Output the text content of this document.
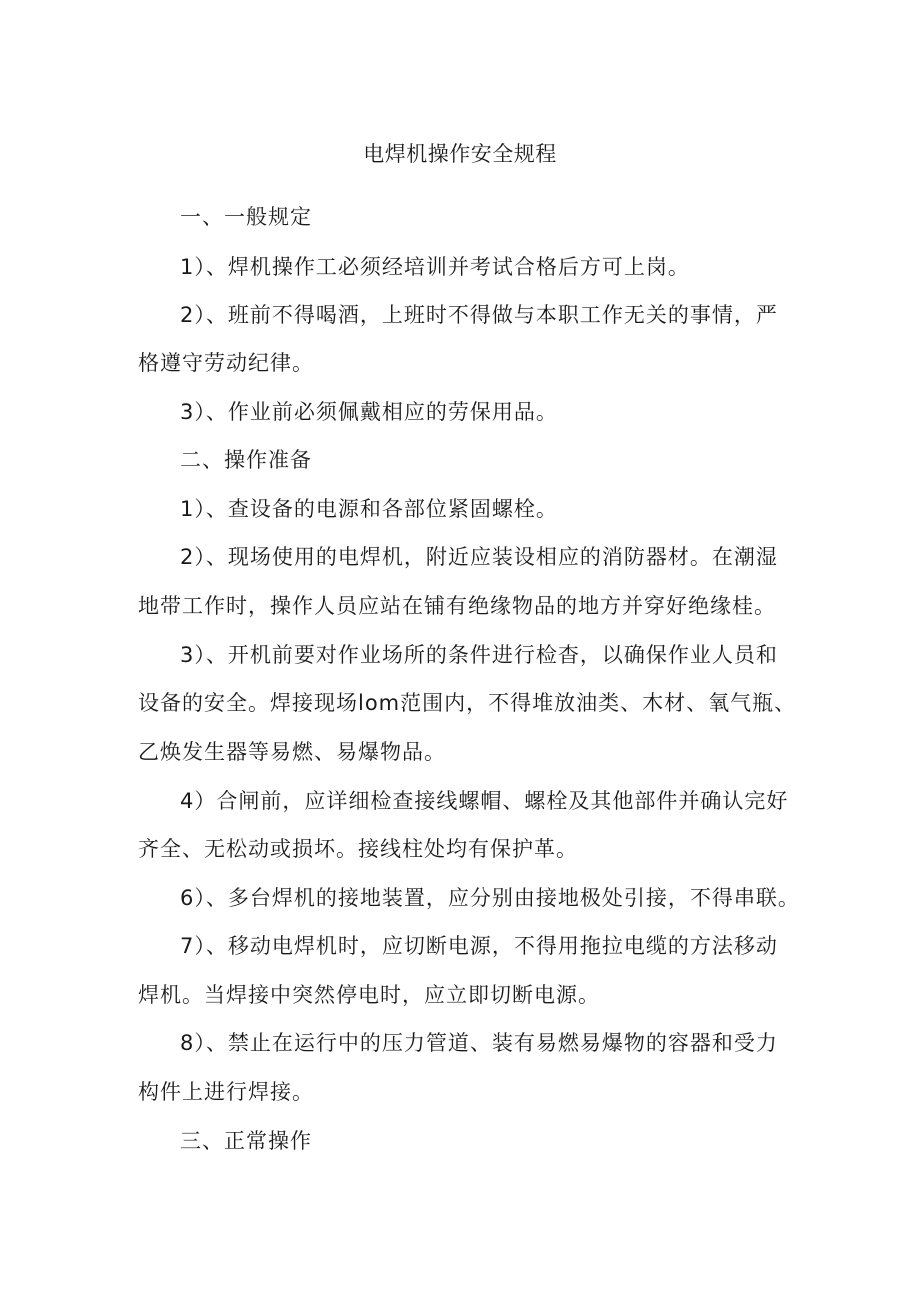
电焊机操作安全规程
一、一般规定
1）、焊机操作工必须经培训并考试合格后方可上岗。
2）、班前不得喝酒，上班时不得做与本职工作无关的事情，严
格遵守劳动纪律。
3）、作业前必须佩戴相应的劳保用品。
二、操作准备
1）、查设备的电源和各部位紧固螺栓。
2）、现场使用的电焊机，附近应装设相应的消防器材。在潮湿
地带工作时，操作人员应站在铺有绝缘物品的地方并穿好绝缘桂。
3）、开机前要对作业场所的条件进行检杳，以确保作业人员和
设备的安全。焊接现场lom范围内，不得堆放油类、木材、氧气瓶、
乙焕发生器等易燃、易爆物品。
4）合闸前，应详细检查接线螺帽、螺栓及其他部件并确认完好
齐全、无松动或损坏。接线柱处均有保护革。
6）、多台焊机的接地装置，应分别由接地极处引接，不得串联。
7）、移动电焊机时，应切断电源，不得用拖拉电缆的方法移动
焊机。当焊接中突然停电时，应立即切断电源。
8）、禁止在运行中的压力管道、装有易燃易爆物的容器和受力
构件上进行焊接。
三、正常操作
